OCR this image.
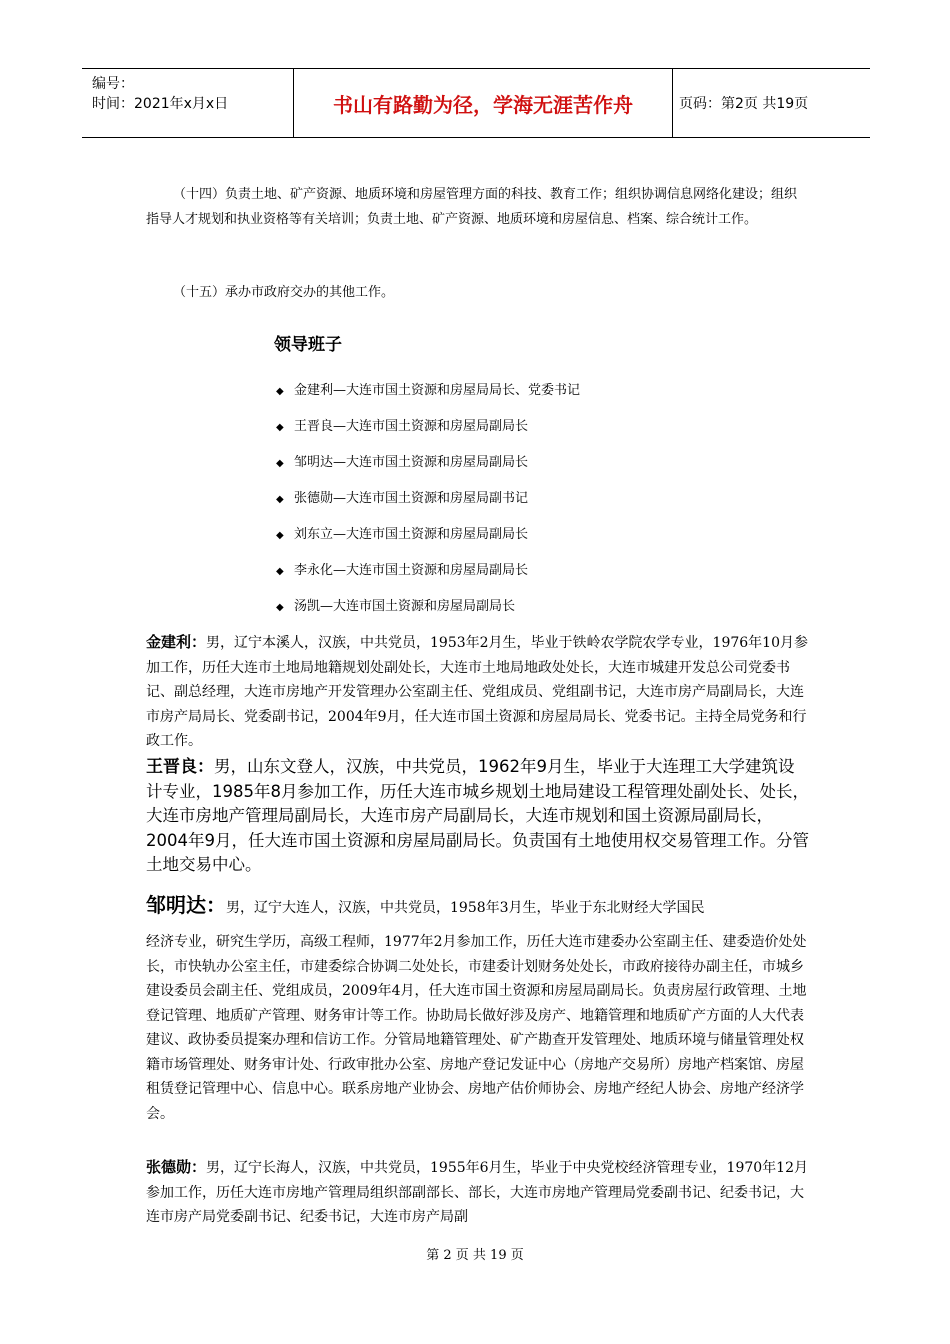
编号：
时间：2021年x月x日	书山有路勤为径，学海无涯苦作舟	页码：第2页 共19页
（十四）负责土地、矿产资源、地质环境和房屋管理方面的科技、教育工作；组织协调信息网络化建设；组织指导人才规划和执业资格等有关培训；负责土地、矿产资源、地质环境和房屋信息、档案、综合统计工作。
（十五）承办市政府交办的其他工作。
领导班子
◆ 金建利—大连市国土资源和房屋局局长、党委书记
◆ 王晋良—大连市国土资源和房屋局副局长
◆ 邹明达—大连市国土资源和房屋局副局长
◆ 张德勋—大连市国土资源和房屋局副书记
◆ 刘东立—大连市国土资源和房屋局副局长
◆ 李永化—大连市国土资源和房屋局副局长
◆ 汤凯—大连市国土资源和房屋局副局长
金建利：男，辽宁本溪人，汉族，中共党员，1953年2月生，毕业于铁岭农学院农学专业，1976年10月参加工作，历任大连市土地局地籍规划处副处长，大连市土地局地政处处长，大连市城建开发总公司党委书记、副总经理，大连市房地产开发管理办公室副主任、党组成员、党组副书记，大连市房产局副局长，大连市房产局局长、党委副书记，2004年9月，任大连市国土资源和房屋局局长、党委书记。主持全局党务和行政工作。
王晋良：男，山东文登人，汉族，中共党员，1962年9月生，毕业于大连理工大学建筑设计专业，1985年8月参加工作，历任大连市城乡规划土地局建设工程管理处副处长、处长，大连市房地产管理局副局长，大连市房产局副局长，大连市规划和国土资源局副局长，2004年9月，任大连市国土资源和房屋局副局长。负责国有土地使用权交易管理工作。分管土地交易中心。
邹明达：男，辽宁大连人，汉族，中共党员，1958年3月生，毕业于东北财经大学国民
经济专业，研究生学历，高级工程师，1977年2月参加工作，历任大连市建委办公室副主任、建委造价处处长，市快轨办公室主任，市建委综合协调二处处长，市建委计划财务处处长，市政府接待办副主任，市城乡建设委员会副主任、党组成员，2009年4月，任大连市国土资源和房屋局副局长。负责房屋行政管理、土地登记管理、地质矿产管理、财务审计等工作。协助局长做好涉及房产、地籍管理和地质矿产方面的人大代表建议、政协委员提案办理和信访工作。分管局地籍管理处、矿产勘查开发管理处、地质环境与储量管理处权籍市场管理处、财务审计处、行政审批办公室、房地产登记发证中心（房地产交易所）房地产档案馆、房屋租赁登记管理中心、信息中心。联系房地产业协会、房地产估价师协会、房地产经纪人协会、房地产经济学会。
张德勋：男，辽宁长海人，汉族，中共党员，1955年6月生，毕业于中央党校经济管理专业，1970年12月参加工作，历任大连市房地产管理局组织部副部长、部长，大连市房地产管理局党委副书记、纪委书记，大连市房产局党委副书记、纪委书记，大连市房产局副
第 2 页 共 19 页
